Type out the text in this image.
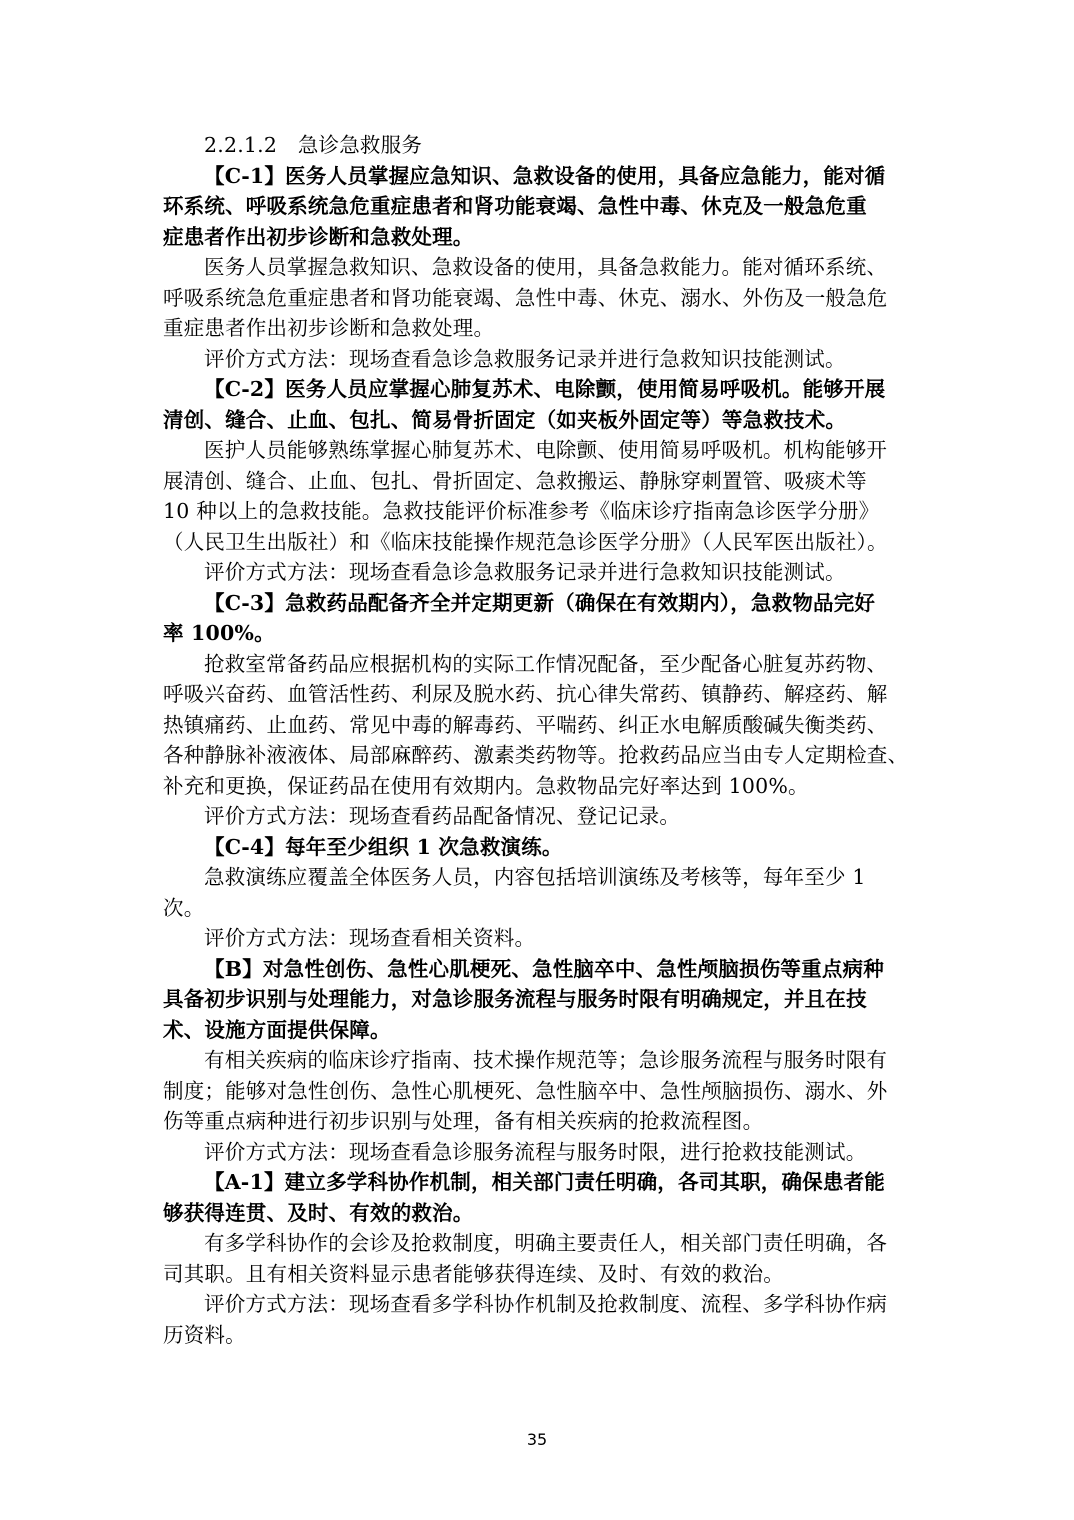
2.2.1.2　急诊急救服务
【C-1】医务人员掌握应急知识、急救设备的使用，具备应急能力，能对循
环系统、呼吸系统急危重症患者和肾功能衰竭、急性中毒、休克及一般急危重
症患者作出初步诊断和急救处理。
医务人员掌握急救知识、急救设备的使用，具备急救能力。能对循环系统、
呼吸系统急危重症患者和肾功能衰竭、急性中毒、休克、溺水、外伤及一般急危
重症患者作出初步诊断和急救处理。
评价方式方法：现场查看急诊急救服务记录并进行急救知识技能测试。
【C-2】医务人员应掌握心肺复苏术、电除颤，使用简易呼吸机。能够开展
清创、缝合、止血、包扎、简易骨折固定（如夹板外固定等）等急救技术。
医护人员能够熟练掌握心肺复苏术、电除颤、使用简易呼吸机。机构能够开
展清创、缝合、止血、包扎、骨折固定、急救搬运、静脉穿刺置管、吸痰术等
10 种以上的急救技能。急救技能评价标准参考《临床诊疗指南急诊医学分册》
（人民卫生出版社）和《临床技能操作规范急诊医学分册》（人民军医出版社）。
评价方式方法：现场查看急诊急救服务记录并进行急救知识技能测试。
【C-3】急救药品配备齐全并定期更新（确保在有效期内），急救物品完好
率 100%。
抢救室常备药品应根据机构的实际工作情况配备，至少配备心脏复苏药物、
呼吸兴奋药、血管活性药、利尿及脱水药、抗心律失常药、镇静药、解痉药、解
热镇痛药、止血药、常见中毒的解毒药、平喘药、纠正水电解质酸碱失衡类药、
各种静脉补液液体、局部麻醉药、激素类药物等。抢救药品应当由专人定期检查、
补充和更换，保证药品在使用有效期内。急救物品完好率达到 100%。
评价方式方法：现场查看药品配备情况、登记记录。
【C-4】每年至少组织 1 次急救演练。
急救演练应覆盖全体医务人员，内容包括培训演练及考核等，每年至少 1
次。
评价方式方法：现场查看相关资料。
【B】对急性创伤、急性心肌梗死、急性脑卒中、急性颅脑损伤等重点病种
具备初步识别与处理能力，对急诊服务流程与服务时限有明确规定，并且在技
术、设施方面提供保障。
有相关疾病的临床诊疗指南、技术操作规范等；急诊服务流程与服务时限有
制度；能够对急性创伤、急性心肌梗死、急性脑卒中、急性颅脑损伤、溺水、外
伤等重点病种进行初步识别与处理，备有相关疾病的抢救流程图。
评价方式方法：现场查看急诊服务流程与服务时限，进行抢救技能测试。
【A-1】建立多学科协作机制，相关部门责任明确，各司其职，确保患者能
够获得连贯、及时、有效的救治。
有多学科协作的会诊及抢救制度，明确主要责任人，相关部门责任明确，各
司其职。且有相关资料显示患者能够获得连续、及时、有效的救治。
评价方式方法：现场查看多学科协作机制及抢救制度、流程、多学科协作病
历资料。
35
